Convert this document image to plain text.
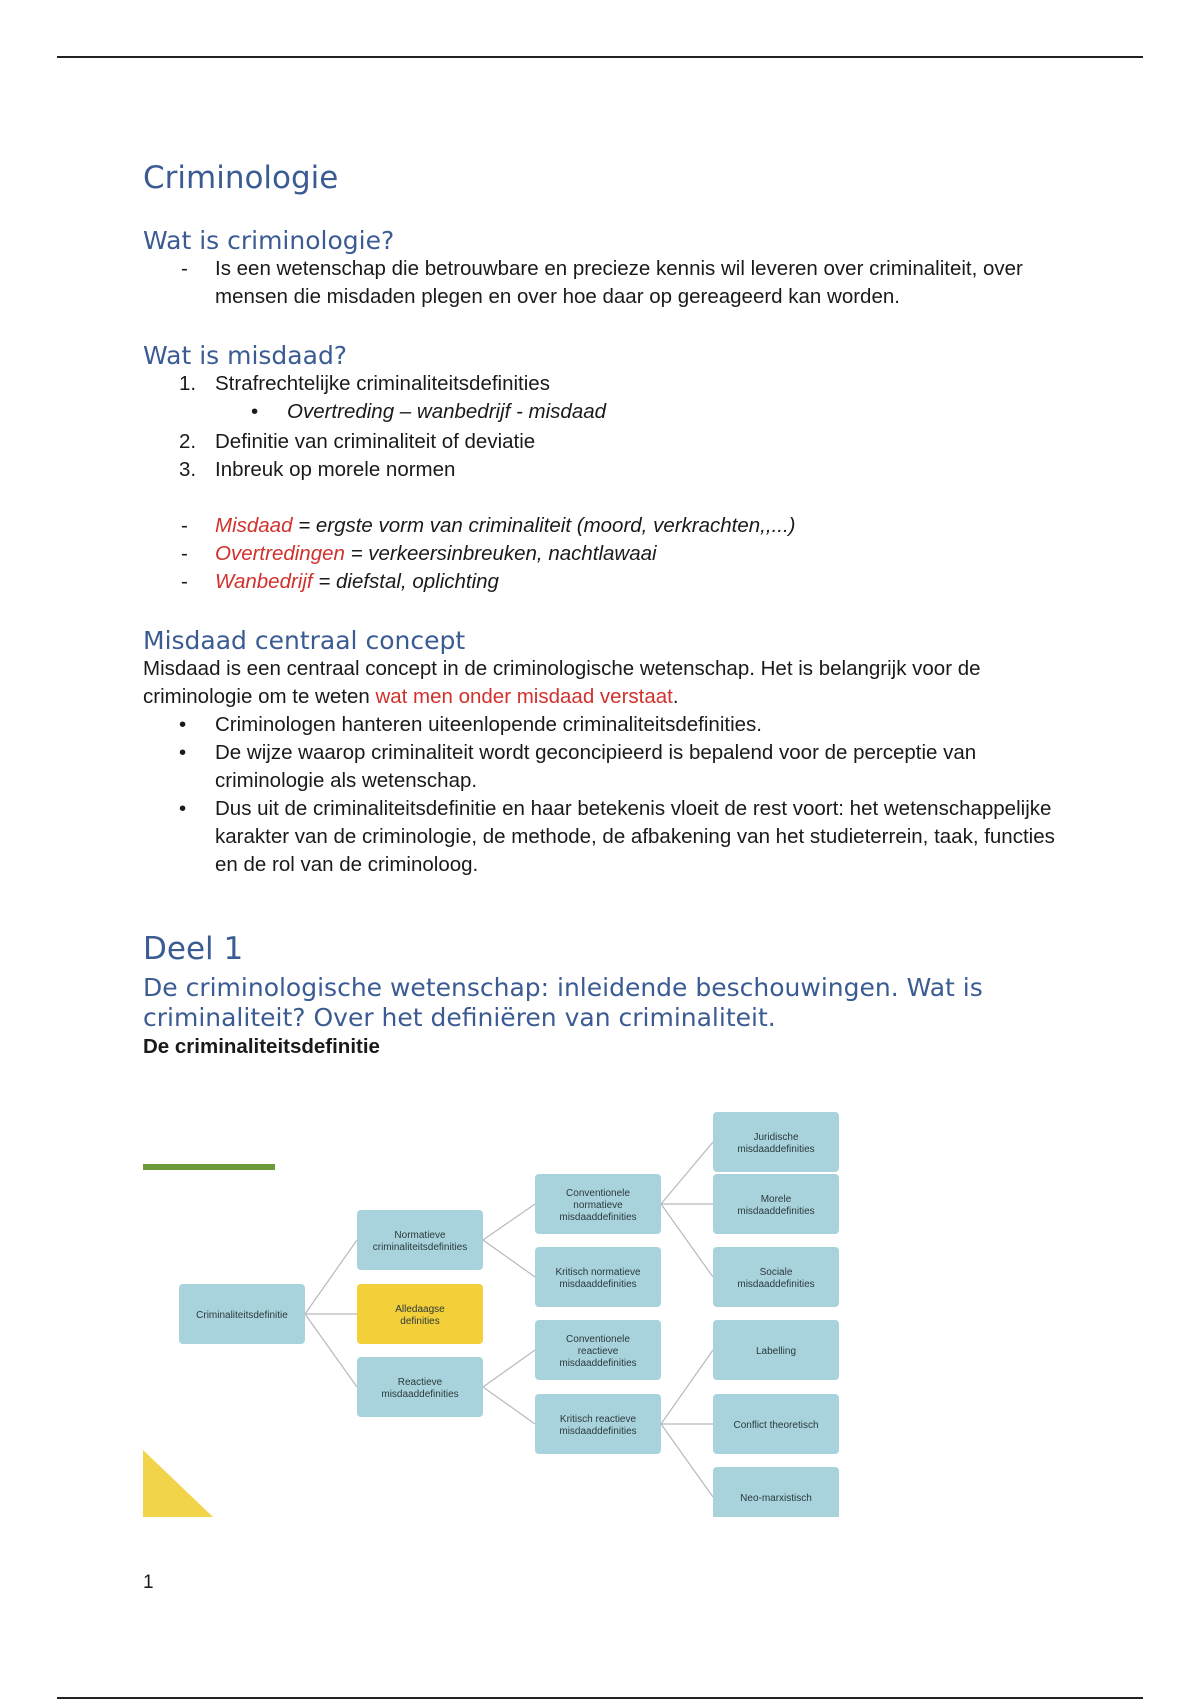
Criminologie
Wat is criminologie?
- Is een wetenschap die betrouwbare en precieze kennis wil leveren over criminaliteit, over mensen die misdaden plegen en over hoe daar op gereageerd kan worden.
Wat is misdaad?
1. Strafrechtelijke criminaliteitsdefinities
• Overtreding – wanbedrijf - misdaad
2. Definitie van criminaliteit of deviatie
3. Inbreuk op morele normen
- Misdaad = ergste vorm van criminaliteit (moord, verkrachten,,...)
- Overtredingen = verkeersinbreuken, nachtlawaai
- Wanbedrijf = diefstal, oplichting
Misdaad centraal concept

Misdaad is een centraal concept in de criminologische wetenschap. Het is belangrijk voor de criminologie om te weten wat men onder misdaad verstaat.

• Criminologen hanteren uiteenlopende criminaliteitsdefinities.
• De wijze waarop criminaliteit wordt geconcipieerd is bepalend voor de perceptie van criminologie als wetenschap.
• Dus uit de criminaliteitsdefinitie en haar betekenis vloeit de rest voort: het wetenschappelijke karakter van de criminologie, de methode, de afbakening van het studieterrein, taak, functies en de rol van de criminoloog.
Deel 1
De criminologische wetenschap: inleidende beschouwingen. Wat is criminaliteit? Over het definiëren van criminaliteit.

De criminaliteitsdefinitie

Criminaliteitsdefinitie
Normatieve
criminaliteitsdefinities
Alledaagse
definities
Reactieve
misdaaddefinities
Conventionele
normatieve
misdaaddefinities
Kritisch normatieve
misdaaddefinities
Conventionele
reactieve
misdaaddefinities
Kritisch reactieve
misdaaddefinities
Juridische
misdaaddefinities
Morele
misdaaddefinities
Sociale
misdaaddefinities
Labelling
Conflict theoretisch
Neo-marxistisch
1
